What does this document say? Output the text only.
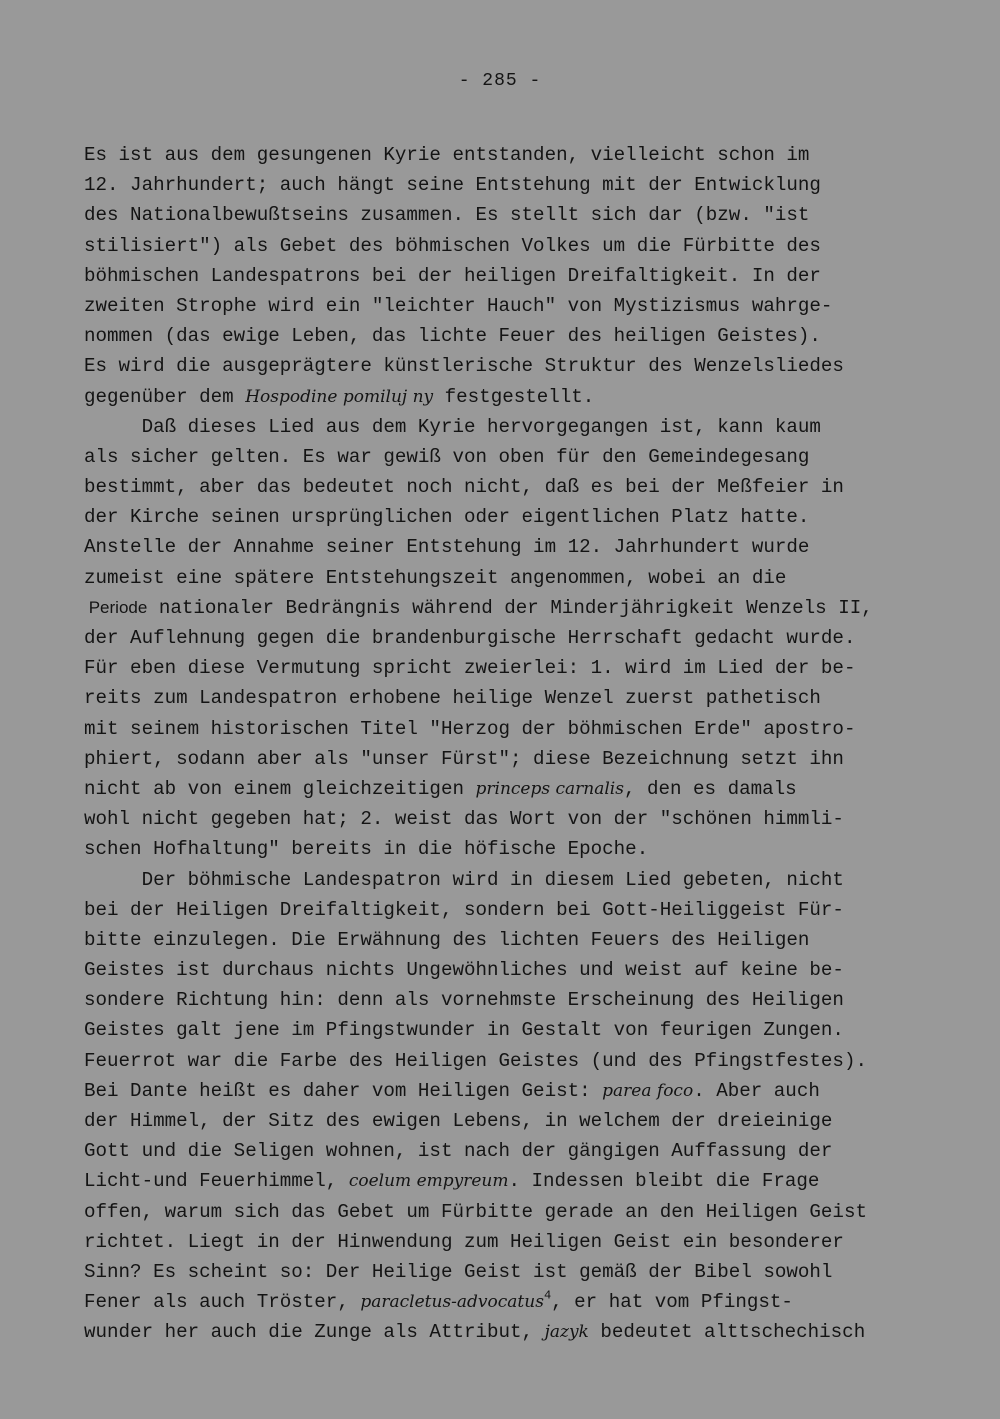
- 285 -
Es ist aus dem gesungenen Kyrie entstanden, vielleicht schon im
12. Jahrhundert; auch hängt seine Entstehung mit der Entwicklung
des Nationalbewußtseins zusammen. Es stellt sich dar (bzw. "ist
stilisiert") als Gebet des böhmischen Volkes um die Fürbitte des
böhmischen Landespatrons bei der heiligen Dreifaltigkeit. In der
zweiten Strophe wird ein "leichter Hauch" von Mystizismus wahrge-
nommen (das ewige Leben, das lichte Feuer des heiligen Geistes).
Es wird die ausgeprägtere künstlerische Struktur des Wenzelsliedes
gegenüber dem Hospodine pomiluj ny festgestellt.
Daß dieses Lied aus dem Kyrie hervorgegangen ist, kann kaum
als sicher gelten. Es war gewiß von oben für den Gemeindegesang
bestimmt, aber das bedeutet noch nicht, daß es bei der Meßfeier in
der Kirche seinen ursprünglichen oder eigentlichen Platz hatte.
Anstelle der Annahme seiner Entstehung im 12. Jahrhundert wurde
zumeist eine spätere Entstehungszeit angenommen, wobei an die
Periode nationaler Bedrängnis während der Minderjährigkeit Wenzels II,
der Auflehnung gegen die brandenburgische Herrschaft gedacht wurde.
Für eben diese Vermutung spricht zweierlei: 1. wird im Lied der be-
reits zum Landespatron erhobene heilige Wenzel zuerst pathetisch
mit seinem historischen Titel "Herzog der böhmischen Erde" apostro-
phiert, sodann aber als "unser Fürst"; diese Bezeichnung setzt ihn
nicht ab von einem gleichzeitigen princeps carnalis, den es damals
wohl nicht gegeben hat; 2. weist das Wort von der "schönen himmli-
schen Hofhaltung" bereits in die höfische Epoche.
Der böhmische Landespatron wird in diesem Lied gebeten, nicht
bei der Heiligen Dreifaltigkeit, sondern bei Gott-Heiliggeist Für-
bitte einzulegen. Die Erwähnung des lichten Feuers des Heiligen
Geistes ist durchaus nichts Ungewöhnliches und weist auf keine be-
sondere Richtung hin: denn als vornehmste Erscheinung des Heiligen
Geistes galt jene im Pfingstwunder in Gestalt von feurigen Zungen.
Feuerrot war die Farbe des Heiligen Geistes (und des Pfingstfestes).
Bei Dante heißt es daher vom Heiligen Geist: parea foco. Aber auch
der Himmel, der Sitz des ewigen Lebens, in welchem der dreieinige
Gott und die Seligen wohnen, ist nach der gängigen Auffassung der
Licht-und Feuerhimmel, coelum empyreum. Indessen bleibt die Frage
offen, warum sich das Gebet um Fürbitte gerade an den Heiligen Geist
richtet. Liegt in der Hinwendung zum Heiligen Geist ein besonderer
Sinn? Es scheint so: Der Heilige Geist ist gemäß der Bibel sowohl
Fener als auch Tröster, paracletus-advocatus$^4$, er hat vom Pfingst-
wunder her auch die Zunge als Attribut, jazyk bedeutet alttschechisch
